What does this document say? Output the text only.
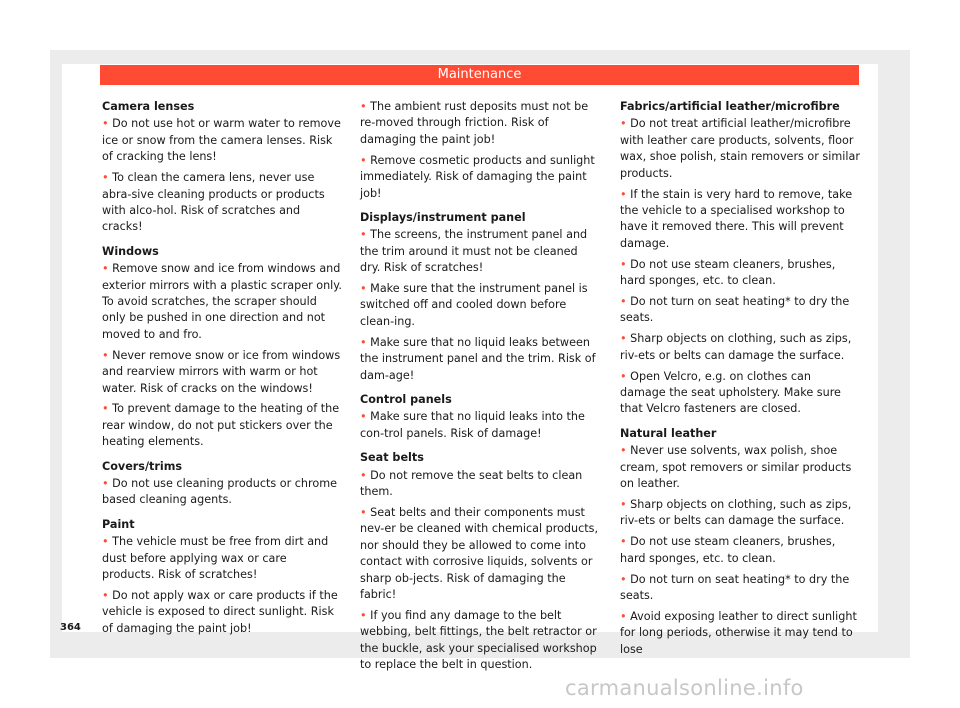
Maintenance
Camera lenses
• Do not use hot or warm water to remove ice or snow from the camera lenses. Risk of cracking the lens!
• To clean the camera lens, never use abra-sive cleaning products or products with alco-hol. Risk of scratches and cracks!
Windows
• Remove snow and ice from windows and exterior mirrors with a plastic scraper only. To avoid scratches, the scraper should only be pushed in one direction and not moved to and fro.
• Never remove snow or ice from windows and rearview mirrors with warm or hot water. Risk of cracks on the windows!
• To prevent damage to the heating of the rear window, do not put stickers over the heating elements.
Covers/trims
• Do not use cleaning products or chrome based cleaning agents.
Paint
• The vehicle must be free from dirt and dust before applying wax or care products. Risk of scratches!
• Do not apply wax or care products if the vehicle is exposed to direct sunlight. Risk of damaging the paint job!
• The ambient rust deposits must not be re-moved through friction. Risk of damaging the paint job!
• Remove cosmetic products and sunlight immediately. Risk of damaging the paint job!
Displays/instrument panel
• The screens, the instrument panel and the trim around it must not be cleaned dry. Risk of scratches!
• Make sure that the instrument panel is switched off and cooled down before clean-ing.
• Make sure that no liquid leaks between the instrument panel and the trim. Risk of dam-age!
Control panels
• Make sure that no liquid leaks into the con-trol panels. Risk of damage!
Seat belts
• Do not remove the seat belts to clean them.
• Seat belts and their components must nev-er be cleaned with chemical products, nor should they be allowed to come into contact with corrosive liquids, solvents or sharp ob-jects. Risk of damaging the fabric!
• If you find any damage to the belt webbing, belt fittings, the belt retractor or the buckle, ask your specialised workshop to replace the belt in question.
Fabrics/artificial leather/microfibre
• Do not treat artificial leather/microfibre with leather care products, solvents, floor wax, shoe polish, stain removers or similar products.
• If the stain is very hard to remove, take the vehicle to a specialised workshop to have it removed there. This will prevent damage.
• Do not use steam cleaners, brushes, hard sponges, etc. to clean.
• Do not turn on seat heating* to dry the seats.
• Sharp objects on clothing, such as zips, riv-ets or belts can damage the surface.
• Open Velcro, e.g. on clothes can damage the seat upholstery. Make sure that Velcro fasteners are closed.
Natural leather
• Never use solvents, wax polish, shoe cream, spot removers or similar products on leather.
• Sharp objects on clothing, such as zips, riv-ets or belts can damage the surface.
• Do not use steam cleaners, brushes, hard sponges, etc. to clean.
• Do not turn on seat heating* to dry the seats.
• Avoid exposing leather to direct sunlight for long periods, otherwise it may tend to lose
364
carmanualsonline.info
